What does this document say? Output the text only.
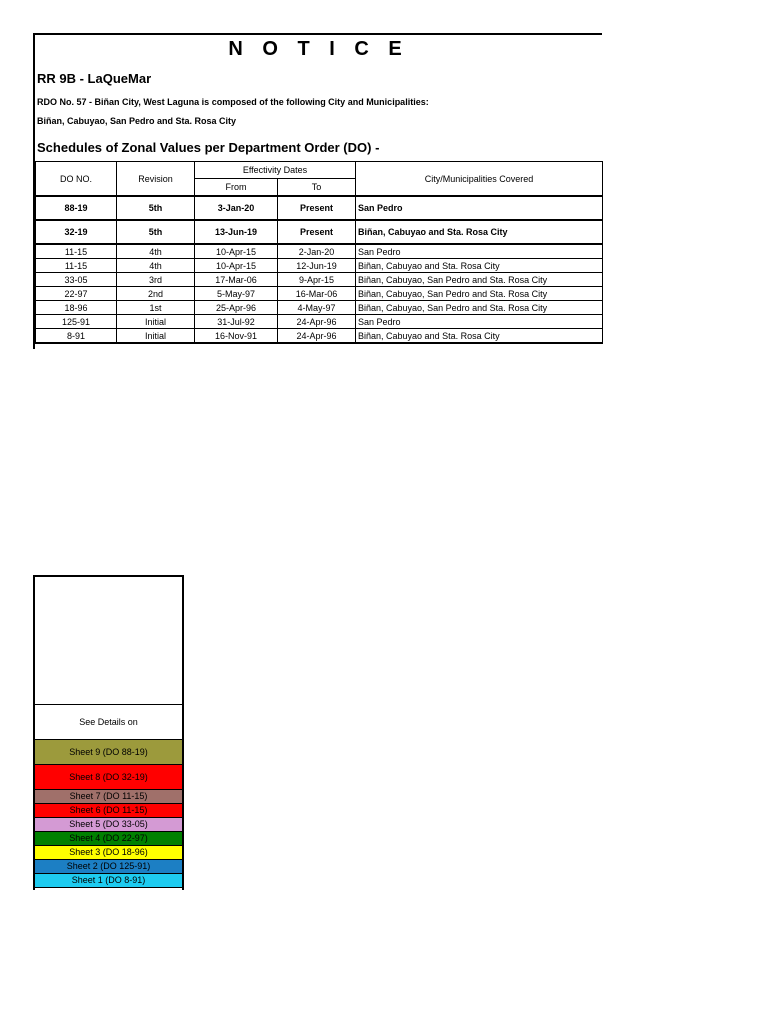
N O T I C E
RR 9B - LaQueMar
RDO No. 57 - Biñan City, West Laguna is composed of the following City and Municipalities:
Biñan, Cabuyao, San Pedro and Sta. Rosa City
Schedules of Zonal Values per Department Order (DO) -
DO NO.	Revision	Effectivity Dates		City/Municipalities Covered
		From	To	
88-19	5th	3-Jan-20	Present	San Pedro
32-19	5th	13-Jun-19	Present	Biñan, Cabuyao and Sta. Rosa City
11-15	4th	10-Apr-15	2-Jan-20	San Pedro
11-15	4th	10-Apr-15	12-Jun-19	Biñan, Cabuyao and Sta. Rosa City
33-05	3rd	17-Mar-06	9-Apr-15	Biñan, Cabuyao, San Pedro and Sta. Rosa City
22-97	2nd	5-May-97	16-Mar-06	Biñan, Cabuyao, San Pedro and Sta. Rosa City
18-96	1st	25-Apr-96	4-May-97	Biñan, Cabuyao, San Pedro and Sta. Rosa City
125-91	Initial	31-Jul-92	24-Apr-96	San Pedro
8-91	Initial	16-Nov-91	24-Apr-96	Biñan, Cabuyao and Sta. Rosa City
See Details on
Sheet 9 (DO 88-19)
Sheet 8 (DO 32-19)
Sheet 7 (DO 11-15)
Sheet 6 (DO 11-15)
Sheet 5 (DO 33-05)
Sheet 4 (DO 22-97)
Sheet 3 (DO 18-96)
Sheet 2 (DO 125-91)
Sheet 1 (DO 8-91)
